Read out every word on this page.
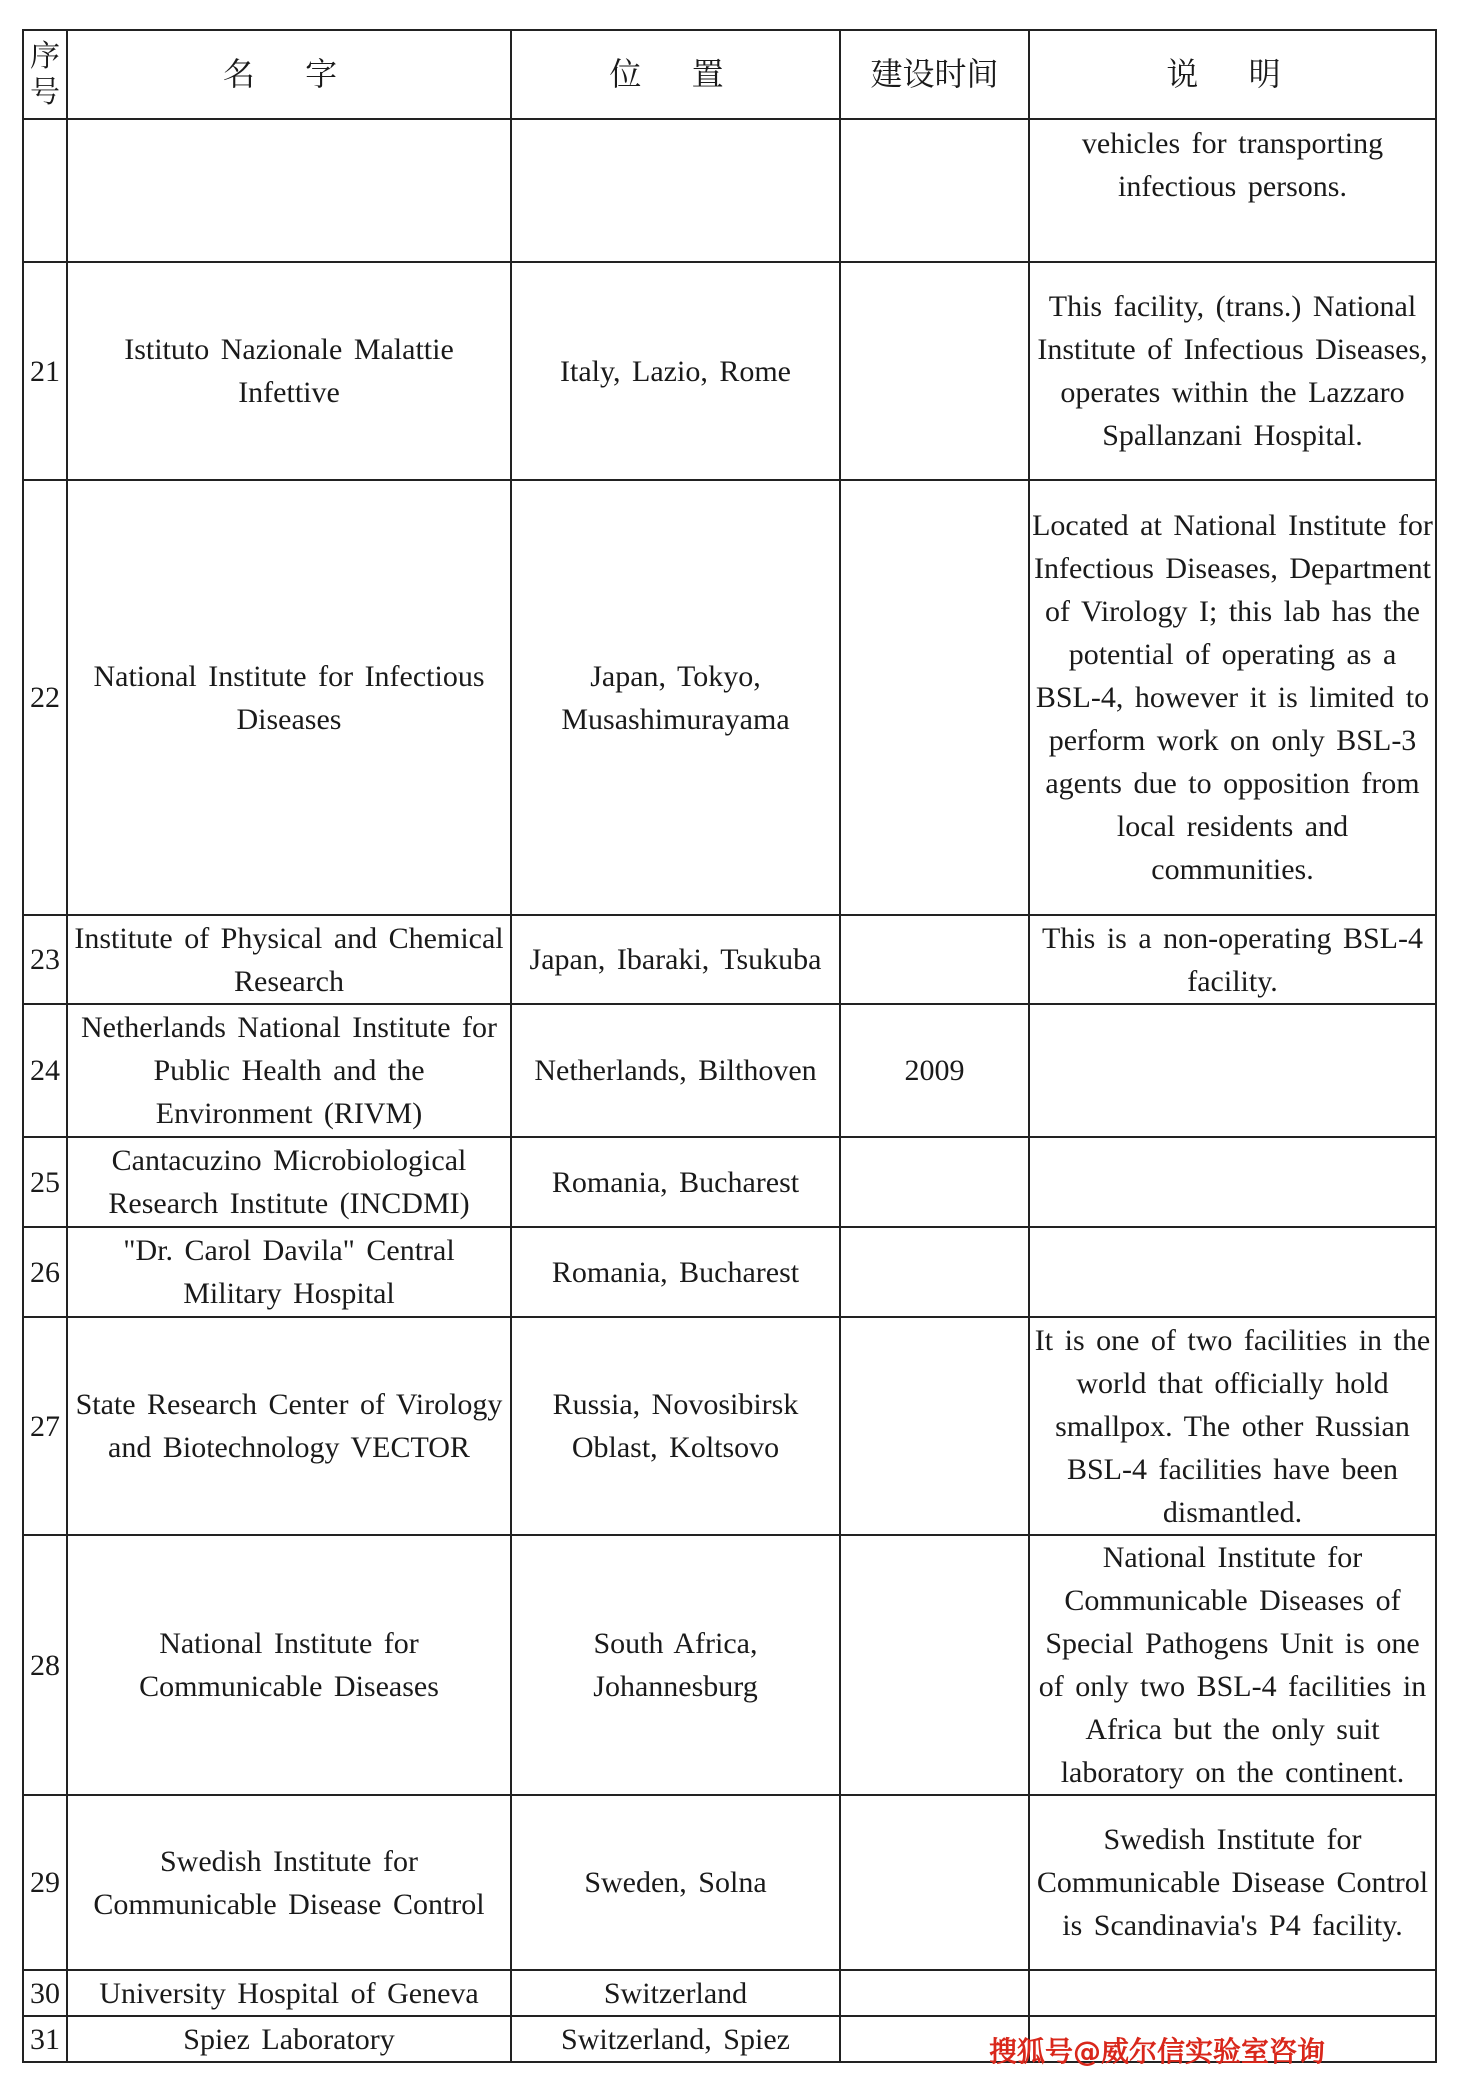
序号	名 字	位 置	建设时间	说 明
				vehicles for transporting infectious persons.
21	Istituto Nazionale Malattie Infettive	Italy, Lazio, Rome		This facility, (trans.) National Institute of Infectious Diseases, operates within the Lazzaro Spallanzani Hospital.
22	National Institute for Infectious Diseases	Japan, Tokyo, Musashimurayama		Located at National Institute for Infectious Diseases, Department of Virology I; this lab has the potential of operating as a BSL-4, however it is limited to perform work on only BSL-3 agents due to opposition from local residents and communities.
23	Institute of Physical and Chemical Research	Japan, Ibaraki, Tsukuba		This is a non-operating BSL-4 facility.
24	Netherlands National Institute for Public Health and the Environment (RIVM)	Netherlands, Bilthoven	2009	
25	Cantacuzino Microbiological Research Institute (INCDMI)	Romania, Bucharest		
26	"Dr. Carol Davila" Central Military Hospital	Romania, Bucharest		
27	State Research Center of Virology and Biotechnology VECTOR	Russia, Novosibirsk Oblast, Koltsovo		It is one of two facilities in the world that officially hold smallpox. The other Russian BSL-4 facilities have been dismantled.
28	National Institute for Communicable Diseases	South Africa, Johannesburg		National Institute for Communicable Diseases of Special Pathogens Unit is one of only two BSL-4 facilities in Africa but the only suit laboratory on the continent.
29	Swedish Institute for Communicable Disease Control	Sweden, Solna		Swedish Institute for Communicable Disease Control is Scandinavia's P4 facility.
30	University Hospital of Geneva	Switzerland		
31	Spiez Laboratory	Switzerland, Spiez			搜狐号@威尔信实验室咨询
